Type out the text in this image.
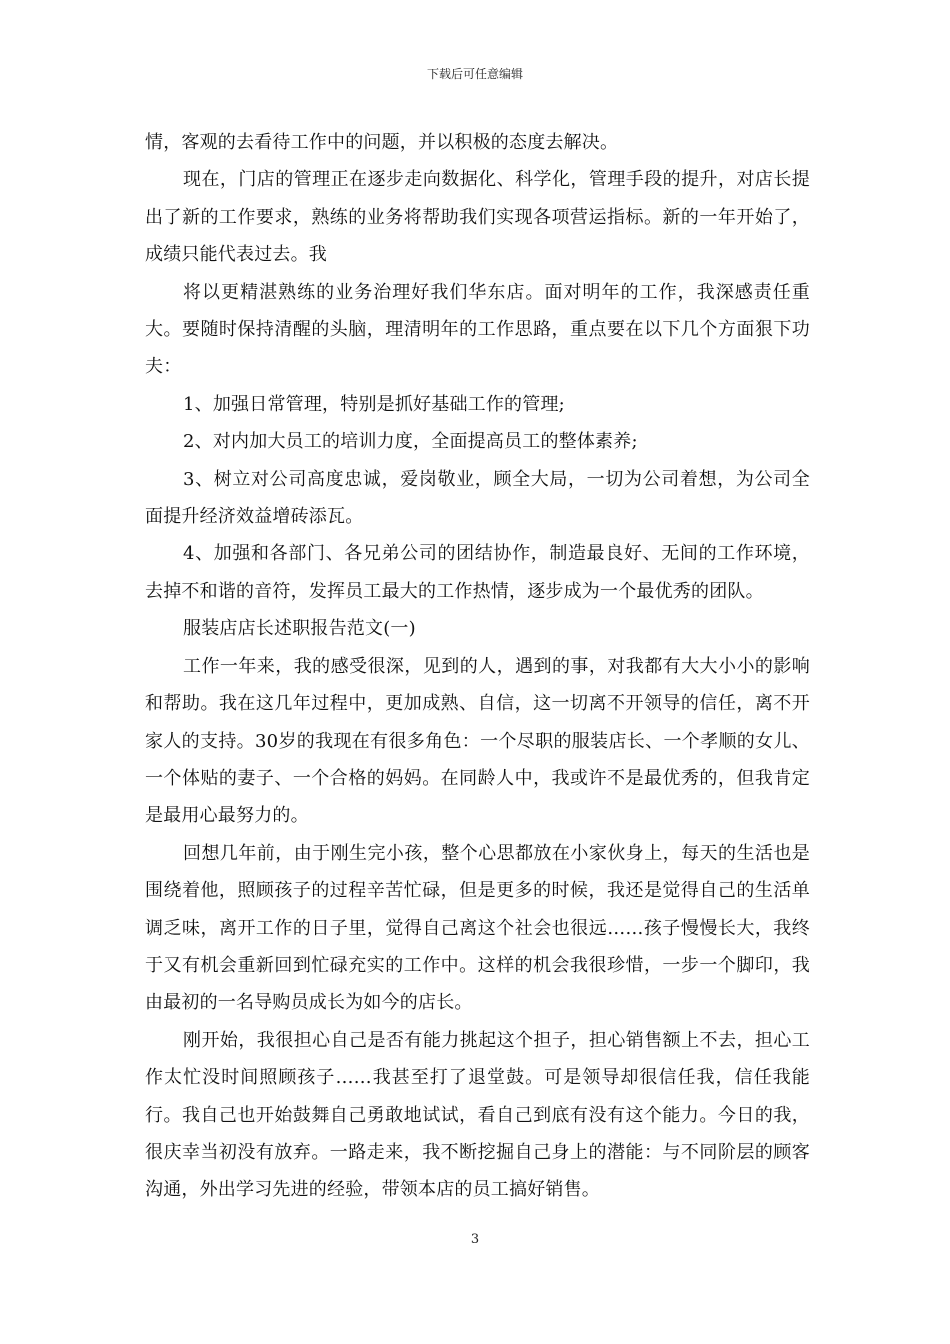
下载后可任意编辑

情，客观的去看待工作中的问题，并以积极的态度去解决。

现在，门店的管理正在逐步走向数据化、科学化，管理手段的提升，对店长提出了新的工作要求，熟练的业务将帮助我们实现各项营运指标。新的一年开始了，成绩只能代表过去。我

将以更精湛熟练的业务治理好我们华东店。面对明年的工作，我深感责任重大。要随时保持清醒的头脑，理清明年的工作思路，重点要在以下几个方面狠下功夫：

1、加强日常管理，特别是抓好基础工作的管理;

2、对内加大员工的培训力度，全面提高员工的整体素养;

3、树立对公司高度忠诚，爱岗敬业，顾全大局，一切为公司着想，为公司全面提升经济效益增砖添瓦。

4、加强和各部门、各兄弟公司的团结协作，制造最良好、无间的工作环境，去掉不和谐的音符，发挥员工最大的工作热情，逐步成为一个最优秀的团队。

服装店店长述职报告范文(一)

工作一年来，我的感受很深，见到的人，遇到的事，对我都有大大小小的影响和帮助。我在这几年过程中，更加成熟、自信，这一切离不开领导的信任，离不开家人的支持。30岁的我现在有很多角色：一个尽职的服装店长、一个孝顺的女儿、一个体贴的妻子、一个合格的妈妈。在同龄人中，我或许不是最优秀的，但我肯定是最用心最努力的。

回想几年前，由于刚生完小孩，整个心思都放在小家伙身上，每天的生活也是围绕着他，照顾孩子的过程辛苦忙碌，但是更多的时候，我还是觉得自己的生活单调乏味，离开工作的日子里，觉得自己离这个社会也很远……孩子慢慢长大，我终于又有机会重新回到忙碌充实的工作中。这样的机会我很珍惜，一步一个脚印，我由最初的一名导购员成长为如今的店长。

刚开始，我很担心自己是否有能力挑起这个担子，担心销售额上不去，担心工作太忙没时间照顾孩子……我甚至打了退堂鼓。可是领导却很信任我，信任我能行。我自己也开始鼓舞自己勇敢地试试，看自己到底有没有这个能力。今日的我，很庆幸当初没有放弃。一路走来，我不断挖掘自己身上的潜能：与不同阶层的顾客沟通，外出学习先进的经验，带领本店的员工搞好销售。

3
